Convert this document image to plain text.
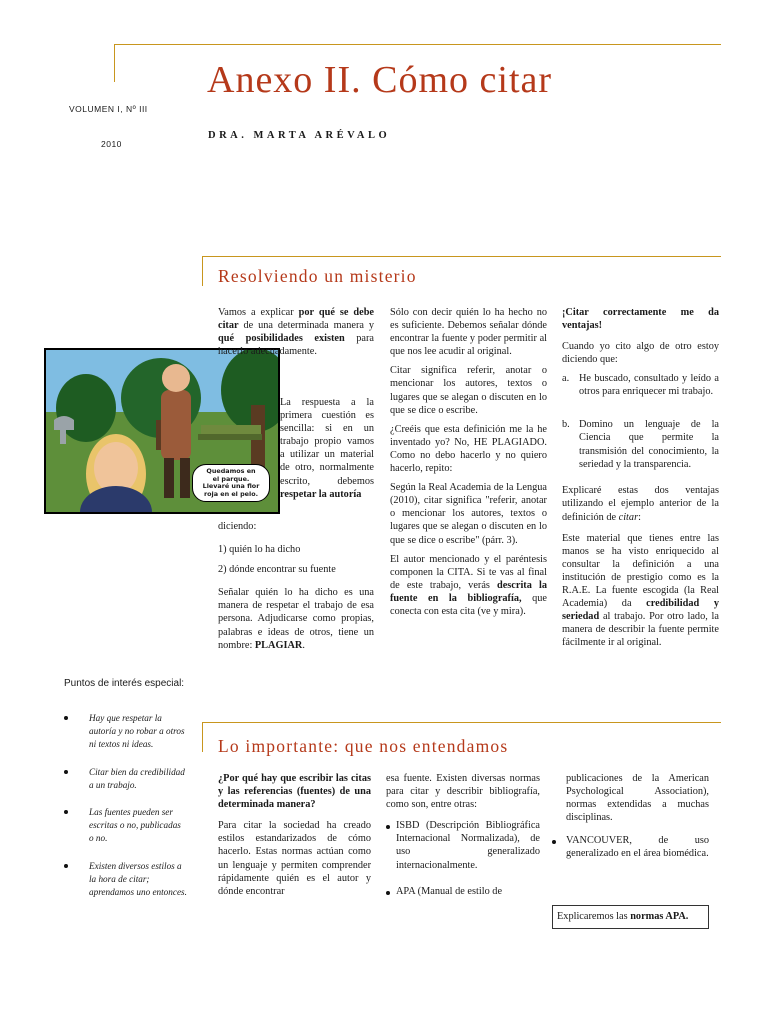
Anexo II. Cómo citar
DRA. MARTA ARÉVALO
VOLUMEN I, Nº III
2010
Resolviendo un misterio
Quedamos en
el parque.
Llevaré una flor
roja en el pelo.

Vamos a explicar por qué se debe citar de una determinada manera y qué posibilidades existen para hacerlo adecuadamente.

La respuesta a la primera cuestión es sencilla: si en un trabajo propio vamos a utilizar un material de otro, normalmente escrito, debemos respetar la autoría

diciendo:

1) quién lo ha dicho

2) dónde encontrar su fuente

Señalar quién lo ha dicho es una manera de respetar el trabajo de esa persona. Adjudicarse como propias, palabras e ideas de otros, tiene un nombre: PLAGIAR.

Sólo con decir quién lo ha hecho no es suficiente. Debemos señalar dónde encontrar la fuente y poder permitir al que nos lee acudir al original.

Citar significa referir, anotar o mencionar los autores, textos o lugares que se alegan o discuten en lo que se dice o escribe.

¿Creéis que esta definición me la he inventado yo? No, HE PLAGIADO. Como no debo hacerlo y no quiero hacerlo, repito:

Según la Real Academia de la Lengua (2010), citar significa "referir, anotar o mencionar los autores, textos o lugares que se alegan o discuten en lo que se dice o escribe" (párr. 3).

El autor mencionado y el paréntesis componen la CITA. Si te vas al final de este trabajo, verás descrita la fuente en la bibliografía, que conecta con esta cita (ve y mira).

¡Citar correctamente me da ventajas!

Cuando yo cito algo de otro estoy diciendo que:

a. He buscado, consultado y leído a otros para enriquecer mi trabajo.
b. Domino un lenguaje de la Ciencia que permite la transmisión del conocimiento, la seriedad y la transparencia.

Explicaré estas dos ventajas utilizando el ejemplo anterior de la definición de citar:

Este material que tienes entre las manos se ha visto enriquecido al consultar la definición a una institución de prestigio como es la R.A.E. La fuente escogida (la Real Academia) da credibilidad y seriedad al trabajo. Por otro lado, la manera de describir la fuente permite fácilmente ir al original.

Puntos de interés especial:
Hay que respetar la autoría y no robar a otros ni textos ni ideas.
Citar bien da credibilidad a un trabajo.
Las fuentes pueden ser escritas o no, publicadas o no.
Existen diversos estilos a la hora de citar; aprendamos uno entonces.
Lo importante: que nos entendamos

¿Por qué hay que escribir las citas y las referencias (fuentes) de una determinada manera?

Para citar la sociedad ha creado estilos estandarizados de cómo hacerlo. Estas normas actúan como un lenguaje y permiten comprender rápidamente quién es el autor y dónde encontrar

esa fuente. Existen diversas normas para citar y describir bibliografía, como son, entre otras:

ISBD (Descripción Bibliográfica Internacional Normalizada), de uso generalizado internacionalmente.
APA (Manual de estilo de

publicaciones de la American Psychological Association), normas extendidas a muchas disciplinas.

VANCOUVER, de uso generalizado en el área biomédica.
Explicaremos las normas APA.
